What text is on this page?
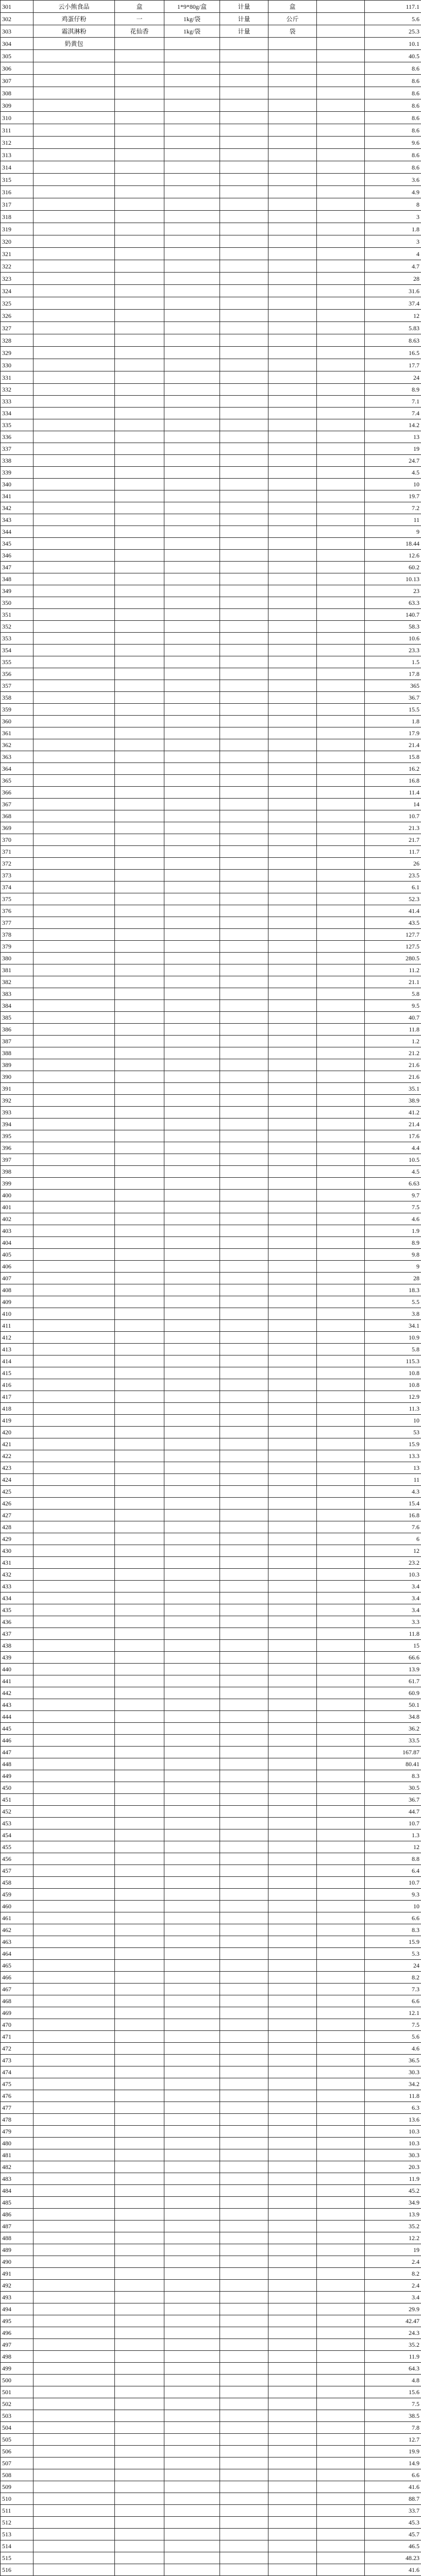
301	云小熊食品	盒	1*9*80g/盒	计量	盒		117.1
302	鸡蛋仔粉	一	1kg/袋	计量	公斤		5.6
303	霜淇淋粉	花仙香	1kg/袋	计量	袋		25.3
304	奶黄包						10.1
305							40.5
306							8.6
307							8.6
308							8.6
309							8.6
310							8.6
311							8.6
312							9.6
313							8.6
314							8.6
315							3.6
316							4.9
317							8
318							3
319							1.8
320							3
321							4
322							4.7
323							28
324							31.6
325							37.4
326							12
327							5.83
328							8.63
329							16.5
330							17.7
331							24
332							8.9
333							7.1
334							7.4
335							14.2
336							13
337							19
338							24.7
339							4.5
340							10
341							19.7
342							7.2
343							11
344							9
345							18.44
346							12.6
347							60.2
348							10.13
349							23
350							63.3
351							140.7
352							58.3
353							10.6
354							23.3
355							1.5
356							17.8
357							365
358							36.7
359							15.5
360							1.8
361							17.9
362							21.4
363							15.8
364							16.2
365							16.8
366							11.4
367							14
368							10.7
369							21.3
370							21.7
371							11.7
372							26
373							23.5
374							6.1
375							52.3
376							41.4
377							43.5
378							127.7
379							127.5
380							280.5
381							11.2
382							21.1
383							5.8
384							9.5
385							40.7
386							11.8
387							1.2
388							21.2
389							21.6
390							21.6
391							35.1
392							38.9
393							41.2
394							21.4
395							17.6
396							4.4
397							10.5
398							4.5
399							6.63
400							9.7
401							7.5
402							4.6
403							1.9
404							8.9
405							9.8
406							9
407							28
408							18.3
409							5.5
410							3.8
411							34.1
412							10.9
413							5.8
414							115.3
415							10.8
416							10.8
417							12.9
418							11.3
419							10
420							53
421							15.9
422							13.3
423							13
424							11
425							4.3
426							15.4
427							16.8
428							7.6
429							6
430							12
431							23.2
432							10.3
433							3.4
434							3.4
435							3.4
436							3.3
437							11.8
438							15
439							66.6
440							13.9
441							61.7
442							60.9
443							50.1
444							34.8
445							36.2
446							33.5
447							167.87
448							80.41
449							8.3
450							30.5
451							36.7
452							44.7
453							10.7
454							1.3
455							12
456							8.8
457							6.4
458							10.7
459							9.3
460							10
461							6.6
462							8.3
463							15.9
464							5.3
465							24
466							8.2
467							7.3
468							6.6
469							12.1
470							7.5
471							5.6
472							4.6
473							36.5
474							30.3
475							34.2
476							11.8
477							6.3
478							13.6
479							10.3
480							10.3
481							30.3
482							20.3
483							11.9
484							45.2
485							34.9
486							13.9
487							35.2
488							12.2
489							19
490							2.4
491							8.2
492							2.4
493							3.4
494							29.9
495							42.47
496							24.3
497							35.2
498							11.9
499							64.3
500							4.8
501							15.6
502							7.5
503							38.5
504							7.8
505							12.7
506							19.9
507							14.9
508							6.6
509							41.6
510							88.7
511							33.7
512							45.3
513							45.7
514							46.5
515							48.23
516							41.6
